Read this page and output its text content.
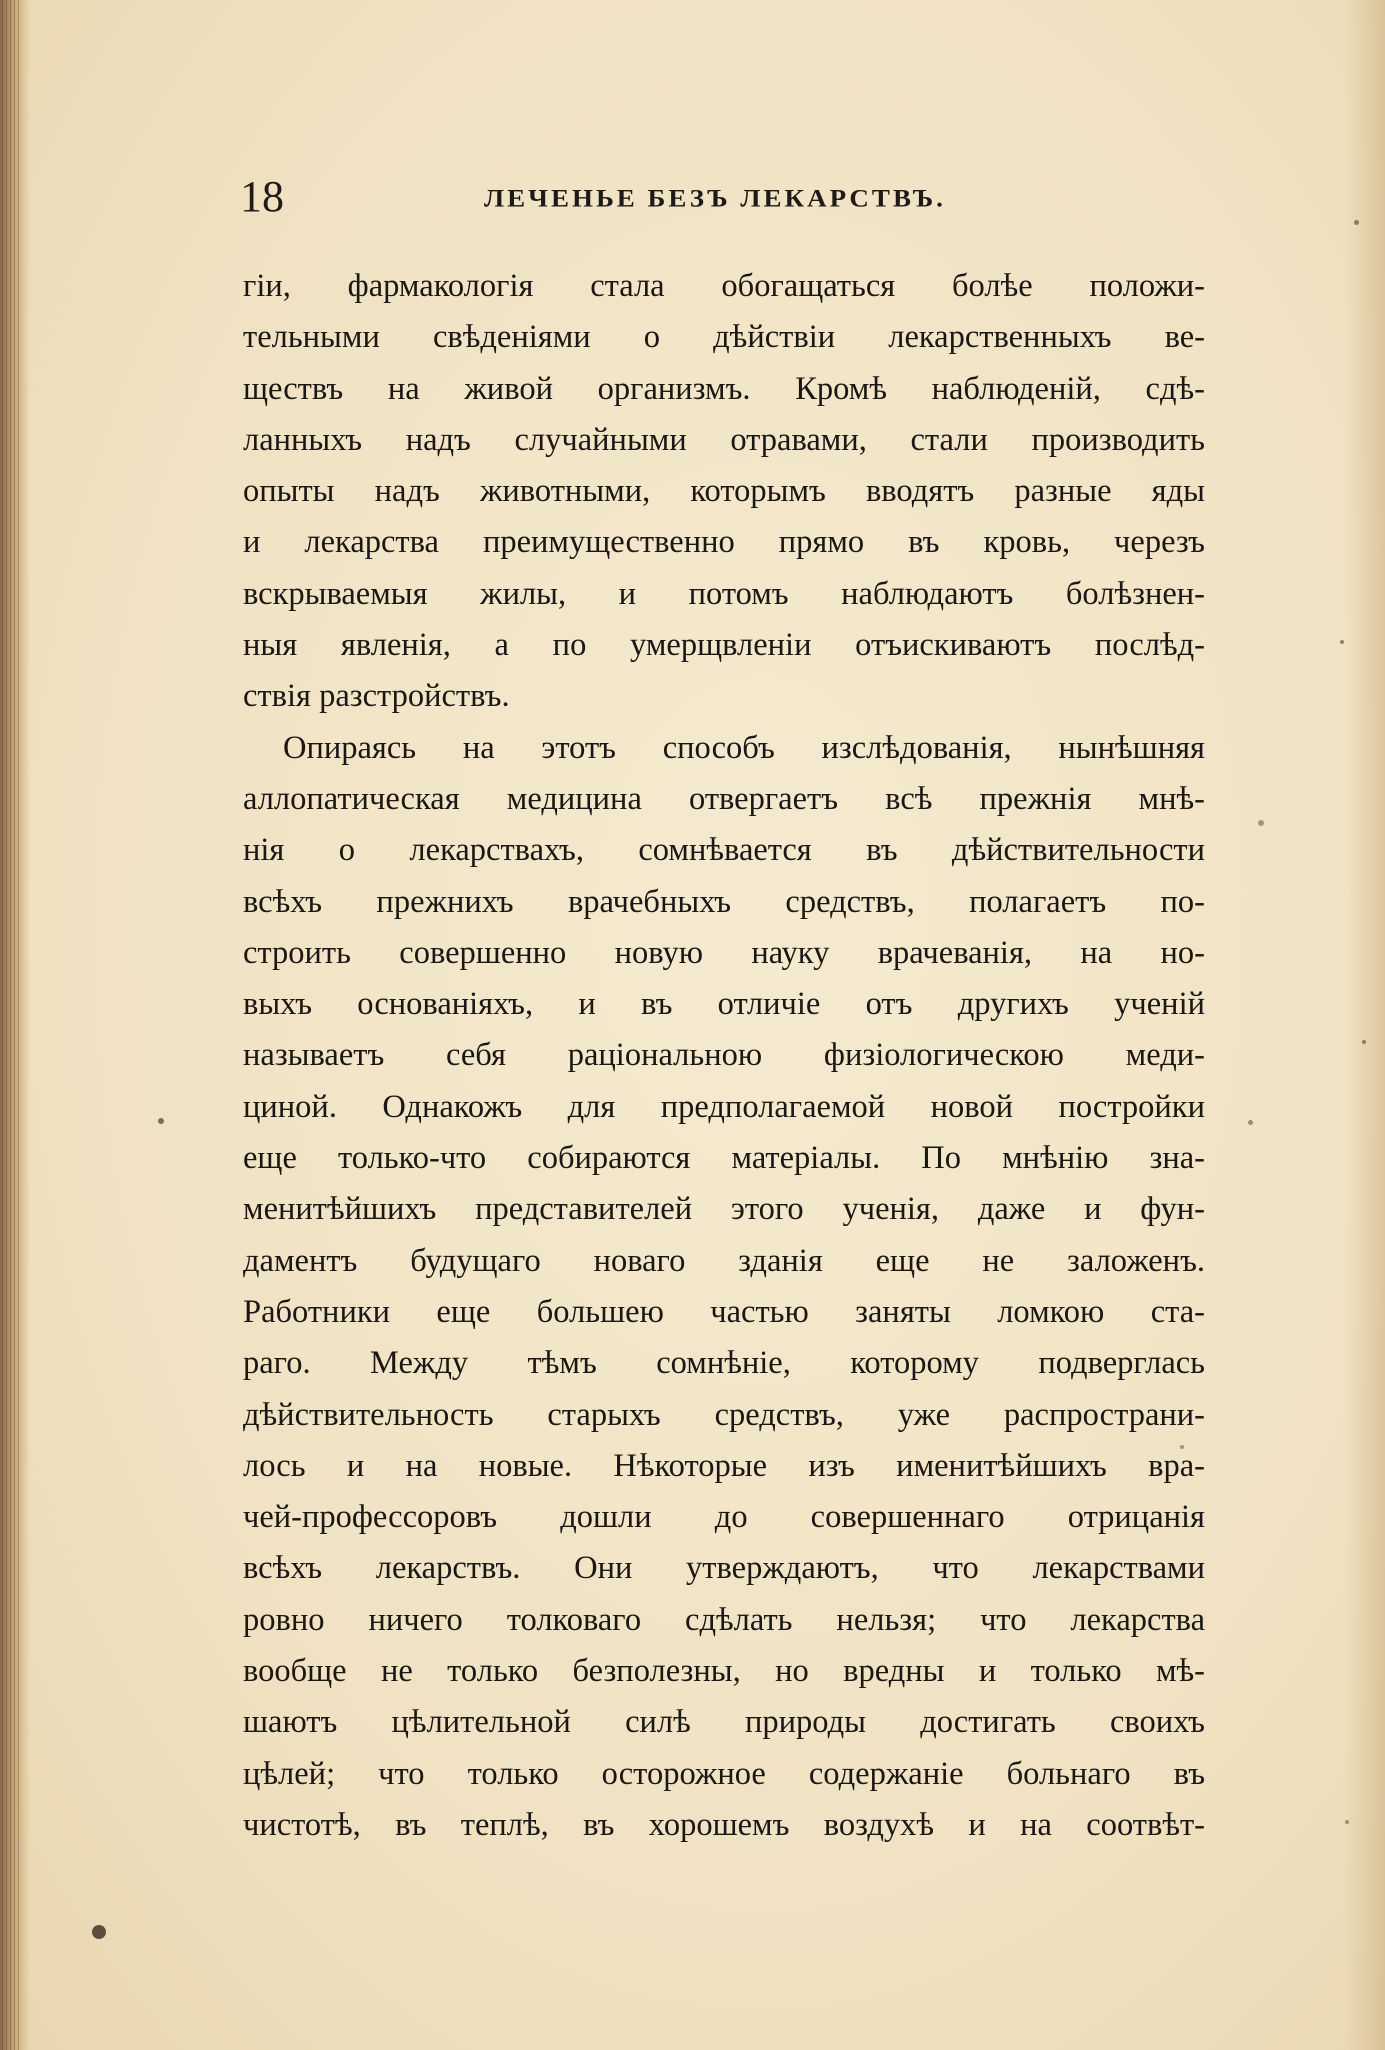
18	ЛЕЧЕНЬЕ БЕЗЪ ЛЕКАРСТВЪ.
гіи, фармакологія стала обогащаться болѣе положи-
тельными свѣденіями о дѣйствіи лекарственныхъ ве-
ществъ на живой организмъ. Кромѣ наблюденій, сдѣ-
ланныхъ надъ случайными отравами, стали производить
опыты надъ животными, которымъ вводятъ разные яды
и лекарства преимущественно прямо въ кровь, черезъ
вскрываемыя жилы, и потомъ наблюдаютъ болѣзнен-
ныя явленія, а по умерщвленіи отъискиваютъ послѣд-
ствія разстройствъ.
Опираясь на этотъ способъ изслѣдованія, нынѣшняя
аллопатическая медицина отвергаетъ всѣ прежнія мнѣ-
нія о лекарствахъ, сомнѣвается въ дѣйствительности
всѣхъ прежнихъ врачебныхъ средствъ, полагаетъ по-
строить совершенно новую науку врачеванія, на но-
выхъ основаніяхъ, и въ отличіе отъ другихъ ученій
называетъ себя раціональною физіологическою меди-
циной. Однакожъ для предполагаемой новой постройки
еще только-что собираются матеріалы. По мнѣнію зна-
менитѣйшихъ представителей этого ученія, даже и фун-
даментъ будущаго новаго зданія еще не заложенъ.
Работники еще большею частью заняты ломкою ста-
раго. Между тѣмъ сомнѣніе, которому подверглась
дѣйствительность старыхъ средствъ, уже распространи-
лось и на новые. Нѣкоторые изъ именитѣйшихъ вра-
чей-профессоровъ дошли до совершеннаго отрицанія
всѣхъ лекарствъ. Они утверждаютъ, что лекарствами
ровно ничего толковаго сдѣлать нельзя; что лекарства
вообще не только безполезны, но вредны и только мѣ-
шаютъ цѣлительной силѣ природы достигать своихъ
цѣлей; что только осторожное содержаніе больнаго въ
чистотѣ, въ теплѣ, въ хорошемъ воздухѣ и на соотвѣт-
